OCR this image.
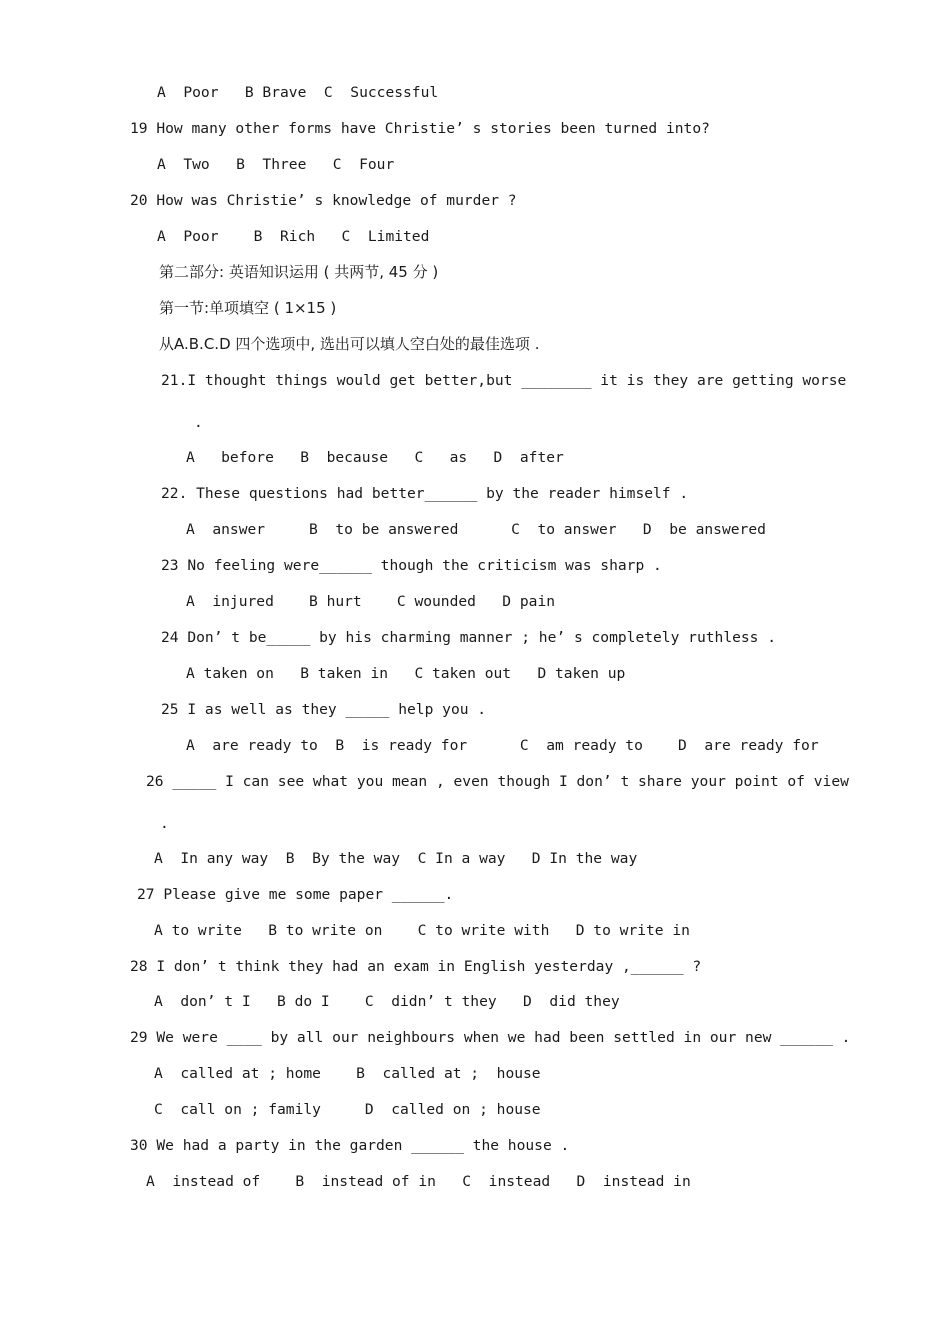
A  Poor   B Brave  C  Successful
19 How many other forms have Christie’ s stories been turned into?
A  Two   B  Three   C  Four
20 How was Christie’ s knowledge of murder ?
A  Poor    B  Rich   C  Limited
第二部分: 英语知识运用 ( 共两节, 45 分 )
第一节:单项填空 ( 1×15 )
从A.B.C.D 四个选项中, 选出可以填人空白处的最佳选项 .
21.I thought things would get better,but ________ it is they are getting worse
.
A   before   B  because   C   as   D  after
22. These questions had better______ by the reader himself .
A  answer     B  to be answered      C  to answer   D  be answered
23 No feeling were______ though the criticism was sharp .
A  injured    B hurt    C wounded   D pain
24 Don’ t be_____ by his charming manner ; he’ s completely ruthless .
A taken on   B taken in   C taken out   D taken up
25 I as well as they _____ help you .
A  are ready to  B  is ready for      C  am ready to    D  are ready for
26 _____ I can see what you mean , even though I don’ t share your point of view
.
A  In any way  B  By the way  C In a way   D In the way
27 Please give me some paper ______.
A to write   B to write on    C to write with   D to write in
28 I don’ t think they had an exam in English yesterday ,______ ?
A  don’ t I   B do I    C  didn’ t they   D  did they
29 We were ____ by all our neighbours when we had been settled in our new ______ .
A  called at ; home    B  called at ;  house
C  call on ; family     D  called on ; house
30 We had a party in the garden ______ the house .
A  instead of    B  instead of in   C  instead   D  instead in
